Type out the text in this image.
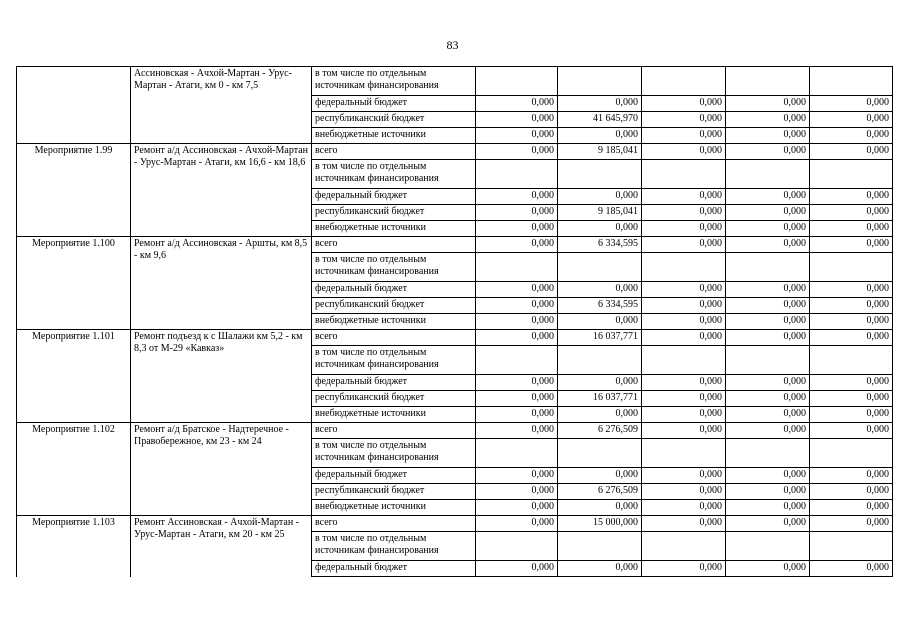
83
	Ассиновская - Ачхой-Мартан - Урус-Мартан - Атаги, км 0 - км 7,5	в том числе по отдельным источникам финансирования					
		федеральный бюджет	0,000	0,000	0,000	0,000	0,000
		республиканский бюджет	0,000	41 645,970	0,000	0,000	0,000
		внебюджетные источники	0,000	0,000	0,000	0,000	0,000
Мероприятие 1.99	Ремонт а/д Ассиновская - Ачхой-Мартан - Урус-Мартан - Атаги, км 16,6 - км 18,6	всего	0,000	9 185,041	0,000	0,000	0,000
		в том числе по отдельным источникам финансирования					
		федеральный бюджет	0,000	0,000	0,000	0,000	0,000
		республиканский бюджет	0,000	9 185,041	0,000	0,000	0,000
		внебюджетные источники	0,000	0,000	0,000	0,000	0,000
Мероприятие 1.100	Ремонт а/д Ассиновская - Аршты, км 8,5 - км 9,6	всего	0,000	6 334,595	0,000	0,000	0,000
		в том числе по отдельным источникам финансирования					
		федеральный бюджет	0,000	0,000	0,000	0,000	0,000
		республиканский бюджет	0,000	6 334,595	0,000	0,000	0,000
		внебюджетные источники	0,000	0,000	0,000	0,000	0,000
Мероприятие 1.101	Ремонт подъезд к с Шалажи км 5,2 - км 8,3 от М-29 «Кавказ»	всего	0,000	16 037,771	0,000	0,000	0,000
		в том числе по отдельным источникам финансирования					
		федеральный бюджет	0,000	0,000	0,000	0,000	0,000
		республиканский бюджет	0,000	16 037,771	0,000	0,000	0,000
		внебюджетные источники	0,000	0,000	0,000	0,000	0,000
Мероприятие 1.102	Ремонт а/д Братское - Надтеречное - Правобережное, км 23 - км 24	всего	0,000	6 276,509	0,000	0,000	0,000
		в том числе по отдельным источникам финансирования					
		федеральный бюджет	0,000	0,000	0,000	0,000	0,000
		республиканский бюджет	0,000	6 276,509	0,000	0,000	0,000
		внебюджетные источники	0,000	0,000	0,000	0,000	0,000
Мероприятие 1.103	Ремонт Ассиновская - Ачхой-Мартан - Урус-Мартан - Атаги, км 20 - км 25	всего	0,000	15 000,000	0,000	0,000	0,000
		в том числе по отдельным источникам финансирования					
		федеральный бюджет	0,000	0,000	0,000	0,000	0,000
